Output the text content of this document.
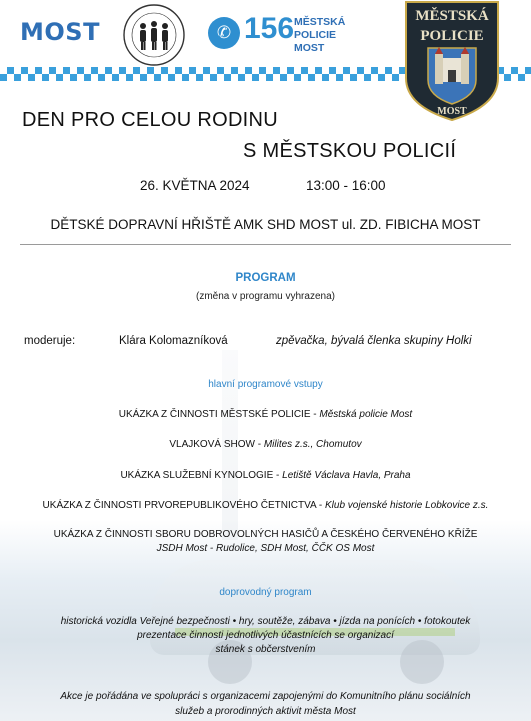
MOST	✆ 156 MĚSTSKÁ POLICIE
MOST
MĚSTSKÁ
POLICIE
MOST
DEN PRO CELOU RODINU
S MĚSTSKOU POLICIÍ
26. KVĚTNA 2024	13:00 - 16:00
DĚTSKÉ DOPRAVNÍ HŘIŠTĚ AMK SHD MOST ul. ZD. FIBICHA MOST
PROGRAM
(změna v programu vyhrazena)
moderuje:	Klára Kolomazníková	zpěvačka, bývalá členka skupiny Holki
hlavní programové vstupy
UKÁZKA Z ČINNOSTI MĚSTSKÉ POLICIE - Městská policie Most
VLAJKOVÁ SHOW - Milites z.s., Chomutov
UKÁZKA SLUŽEBNÍ KYNOLOGIE - Letiště Václava Havla, Praha
UKÁZKA Z ČINNOSTI PRVOREPUBLIKOVÉHO ČETNICTVA - Klub vojenské historie Lobkovice z.s.
UKÁZKA Z ČINNOSTI SBORU DOBROVOLNÝCH HASIČŮ A ČESKÉHO ČERVENÉHO KŘÍŽE
JSDH Most - Rudolice, SDH Most, ČČK OS Most
doprovodný program
historická vozidla Veřejné bezpečnosti • hry, soutěže, zábava • jízda na ponících • fotokoutek
prezentace činnosti jednotlivých účastnících se organizací
stánek s občerstvením
Akce je pořádána ve spolupráci s organizacemi zapojenými do Komunitního plánu sociálních
služeb a prorodinných aktivit města Most
